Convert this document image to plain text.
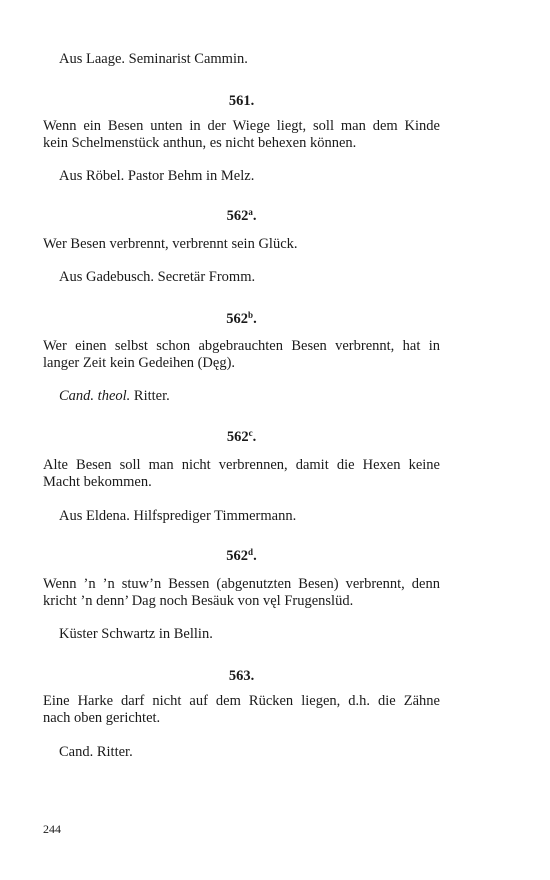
Aus Laage. Seminarist Cammin.
561.
Wenn ein Besen unten in der Wiege liegt, soll man dem Kinde
kein Schelmenstück anthun, es nicht behexen können.
Aus Röbel. Pastor Behm in Melz.
562$^a$.
Wer Besen verbrennt, verbrennt sein Glück.
Aus Gadebusch. Secretär Fromm.
562$^b$.
Wer einen selbst schon abgebrauchten Besen verbrennt, hat in
langer Zeit kein Gedeihen (Dęg).
Cand. theol. Ritter.
562$^c$.
Alte Besen soll man nicht verbrennen, damit die Hexen keine
Macht bekommen.
Aus Eldena. Hilfsprediger Timmermann.
562$^d$.
Wenn ’n ’n stuw’n Bessen (abgenutzten Besen) verbrennt, denn
kricht ’n denn’ Dag noch Besäuk von vęl Frugenslüd.
Küster Schwartz in Bellin.
563.
Eine Harke darf nicht auf dem Rücken liegen, d.h. die Zähne
nach oben gerichtet.
Cand. Ritter.
244
